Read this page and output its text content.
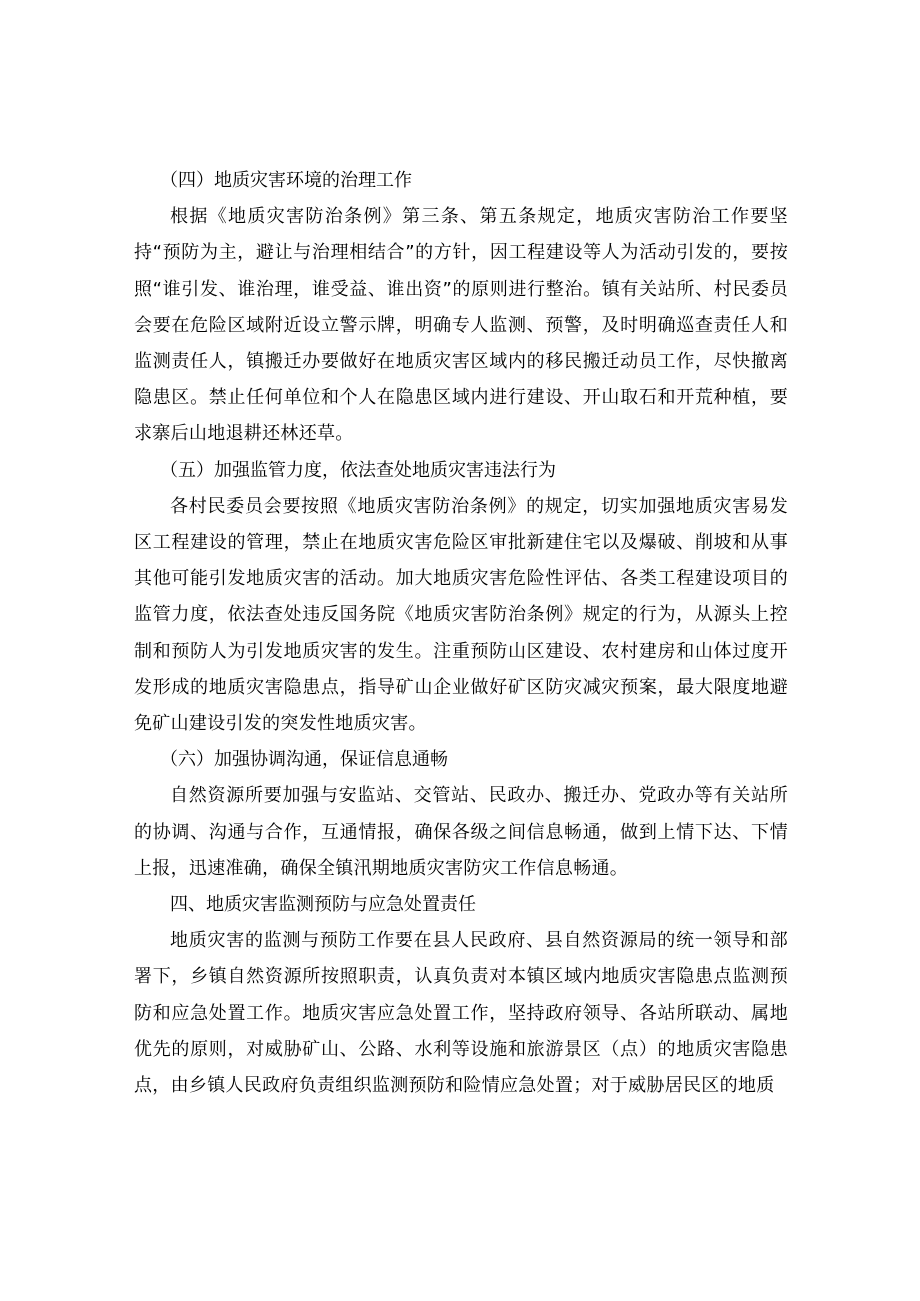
（四）地质灾害环境的治理工作

根据《地质灾害防治条例》第三条、第五条规定，地质灾害防治工作要坚持“预防为主，避让与治理相结合”的方针，因工程建设等人为活动引发的，要按照“谁引发、谁治理，谁受益、谁出资”的原则进行整治。镇有关站所、村民委员会要在危险区域附近设立警示牌，明确专人监测、预警，及时明确巡查责任人和监测责任人，镇搬迁办要做好在地质灾害区域内的移民搬迁动员工作，尽快撤离隐患区。禁止任何单位和个人在隐患区域内进行建设、开山取石和开荒种植，要求寨后山地退耕还林还草。

（五）加强监管力度，依法查处地质灾害违法行为

各村民委员会要按照《地质灾害防治条例》的规定，切实加强地质灾害易发区工程建设的管理，禁止在地质灾害危险区审批新建住宅以及爆破、削坡和从事其他可能引发地质灾害的活动。加大地质灾害危险性评估、各类工程建设项目的监管力度，依法查处违反国务院《地质灾害防治条例》规定的行为，从源头上控制和预防人为引发地质灾害的发生。注重预防山区建设、农村建房和山体过度开发形成的地质灾害隐患点，指导矿山企业做好矿区防灾减灾预案，最大限度地避免矿山建设引发的突发性地质灾害。

（六）加强协调沟通，保证信息通畅

自然资源所要加强与安监站、交管站、民政办、搬迁办、党政办等有关站所的协调、沟通与合作，互通情报，确保各级之间信息畅通，做到上情下达、下情上报，迅速准确，确保全镇汛期地质灾害防灾工作信息畅通。

四、地质灾害监测预防与应急处置责任

地质灾害的监测与预防工作要在县人民政府、县自然资源局的统一领导和部署下，乡镇自然资源所按照职责，认真负责对本镇区域内地质灾害隐患点监测预防和应急处置工作。地质灾害应急处置工作，坚持政府领导、各站所联动、属地优先的原则，对威胁矿山、公路、水利等设施和旅游景区（点）的地质灾害隐患点，由乡镇人民政府负责组织监测预防和险情应急处置；对于威胁居民区的地质
